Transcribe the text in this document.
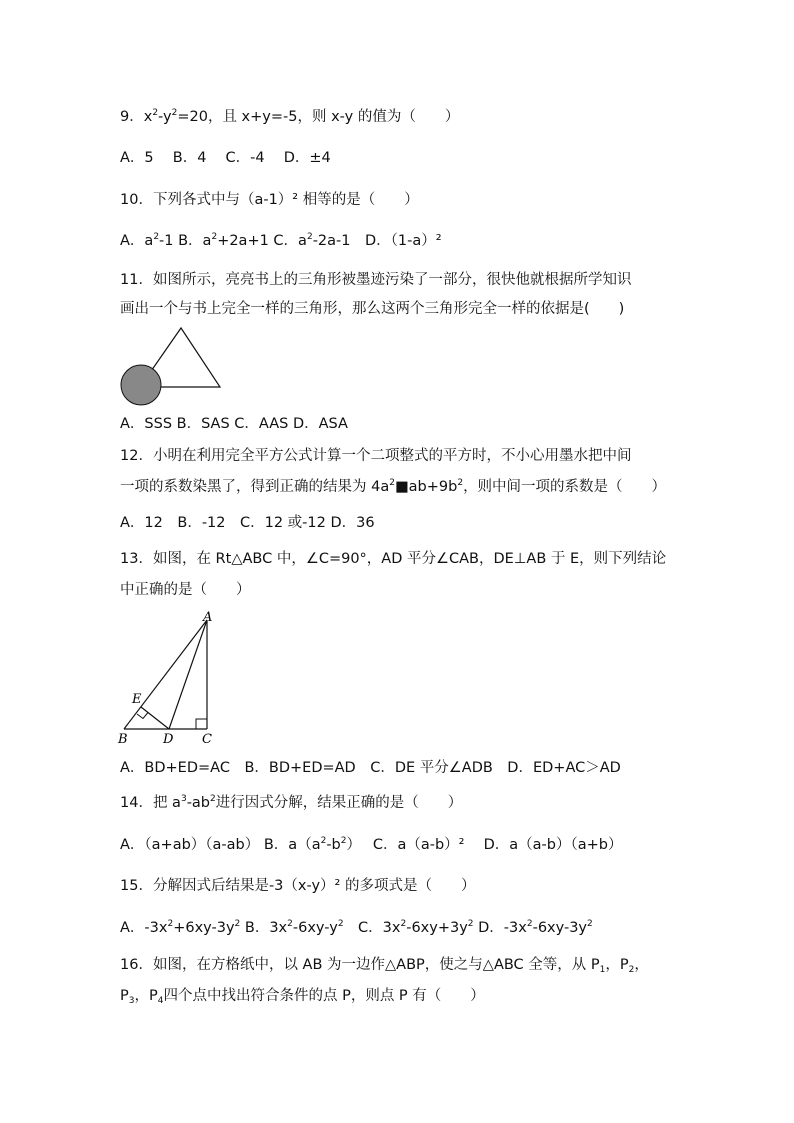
9．$x^2-y^2=20$，且 x+y=-5，则 x-y 的值为（　　）
A．5　 B．4　 C．-4　 D．±4
10．下列各式中与（a-1）² 相等的是（　　）
A．$a^2-1$ B．$a^2+2a+1$ C．$a^2-2a-1$　D．（1-a）²
11．如图所示，亮亮书上的三角形被墨迹污染了一部分，很快他就根据所学知识
画出一个与书上完全一样的三角形，那么这两个三角形完全一样的依据是(　　)
A．SSS B．SAS C．AAS D．ASA
12．小明在利用完全平方公式计算一个二项整式的平方时，不小心用墨水把中间
一项的系数染黑了，得到正确的结果为 $4a^2■ab+9b^2$，则中间一项的系数是（　　）
A．12　B．-12　C．12 或-12 D．36
13．如图，在 Rt△ABC 中，∠C=90°，AD 平分∠CAB，DE⊥AB 于 E，则下列结论
中正确的是（　　）
A
E
B	D C
A．BD+ED=AC　B．BD+ED=AD　C．DE 平分∠ADB　D．ED+AC＞AD
14．把 $a^3-ab^2$进行因式分解，结果正确的是（　　）
A．（a+ab）（a-ab） B．$a(a^2-b^2)$　 C．a（a-b）²　 D．a（a-b）（a+b）
15．分解因式后结果是-3（x-y）² 的多项式是（　　）
A．$-3x^2+6xy-3y^2$ B．$3x^2-6xy-y^2$　C．$3x^2-6xy+3y^2$ D．$-3x^2-6xy-3y^2$
16．如图，在方格纸中，以 AB 为一边作△ABP，使之与△ABC 全等，从 $P_1$，$P_2$，
$P_3$，$P_4$四个点中找出符合条件的点 P，则点 P 有（　　）
